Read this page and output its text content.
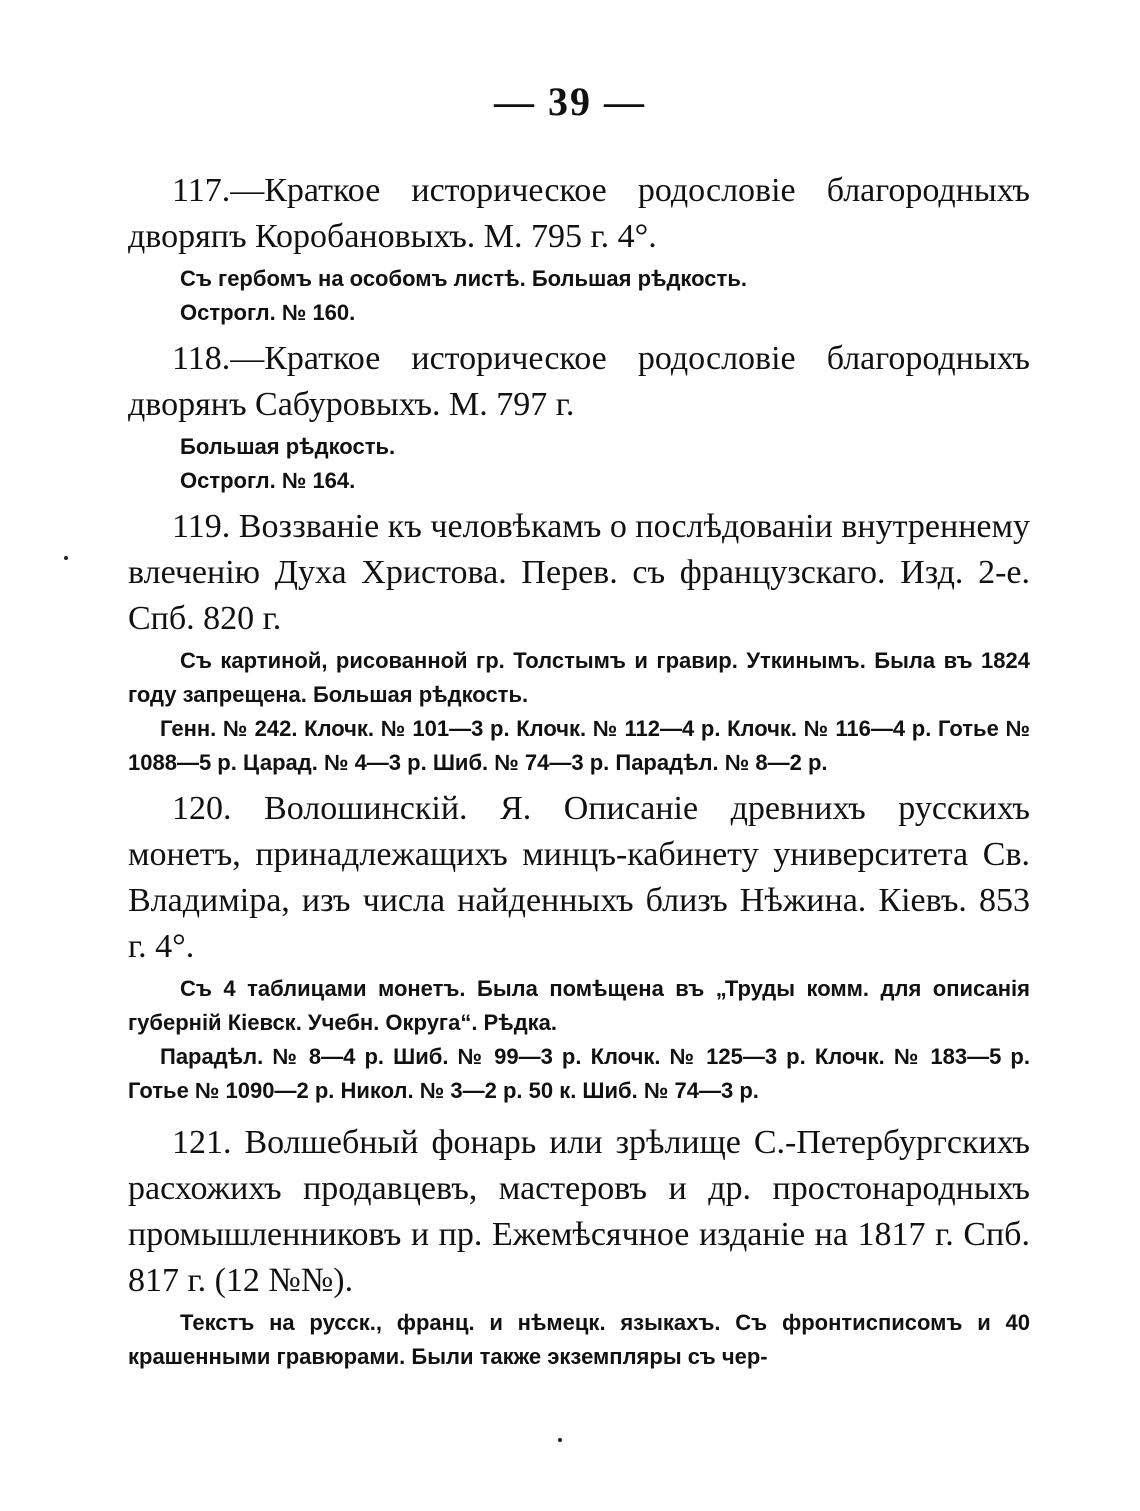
— 39 —

117.—Краткое историческое родословіе благородныхъ дворяпъ Коробановыхъ. М. 795 г. 4°.

Съ гербомъ на особомъ листѣ. Большая рѣдкость.

Острогл. № 160.

118.—Краткое историческое родословіе благородныхъ дворянъ Сабуровыхъ. М. 797 г.

Большая рѣдкость.

Острогл. № 164.

119. Воззваніе къ человѣкамъ о послѣдованіи внутреннему влеченію Духа Христова. Перев. съ французскаго. Изд. 2-е. Спб. 820 г.

Съ картиной, рисованной гр. Толстымъ и гравир. Уткинымъ. Была въ 1824 году запрещена. Большая рѣдкость.

Генн. № 242. Клочк. № 101—3 р. Клочк. № 112—4 р. Клочк. № 116—4 р. Готье № 1088—5 р. Царад. № 4—3 р. Шиб. № 74—3 р. Парадѣл. № 8—2 р.

120. Волошинскій. Я. Описаніе древнихъ русскихъ монетъ, принадлежащихъ минцъ-кабинету университета Св. Владиміра, изъ числа найденныхъ близъ Нѣжина. Кіевъ. 853 г. 4°.

Съ 4 таблицами монетъ. Была помѣщена въ „Труды комм. для описанія губерній Кіевск. Учебн. Округа“. Рѣдка.

Парадѣл. № 8—4 р. Шиб. № 99—3 р. Клочк. № 125—3 р. Клочк. № 183—5 р. Готье № 1090—2 р. Никол. № 3—2 р. 50 к. Шиб. № 74—3 р.

121. Волшебный фонарь или зрѣлище С.-Петербургскихъ расхожихъ продавцевъ, мастеровъ и др. простонародныхъ промышленниковъ и пр. Ежемѣсячное изданіе на 1817 г. Спб. 817 г. (12 №№).

Текстъ на русск., франц. и нѣмецк. языкахъ. Съ фронтисписомъ и 40 крашенными гравюрами. Были также экземпляры съ чер-
